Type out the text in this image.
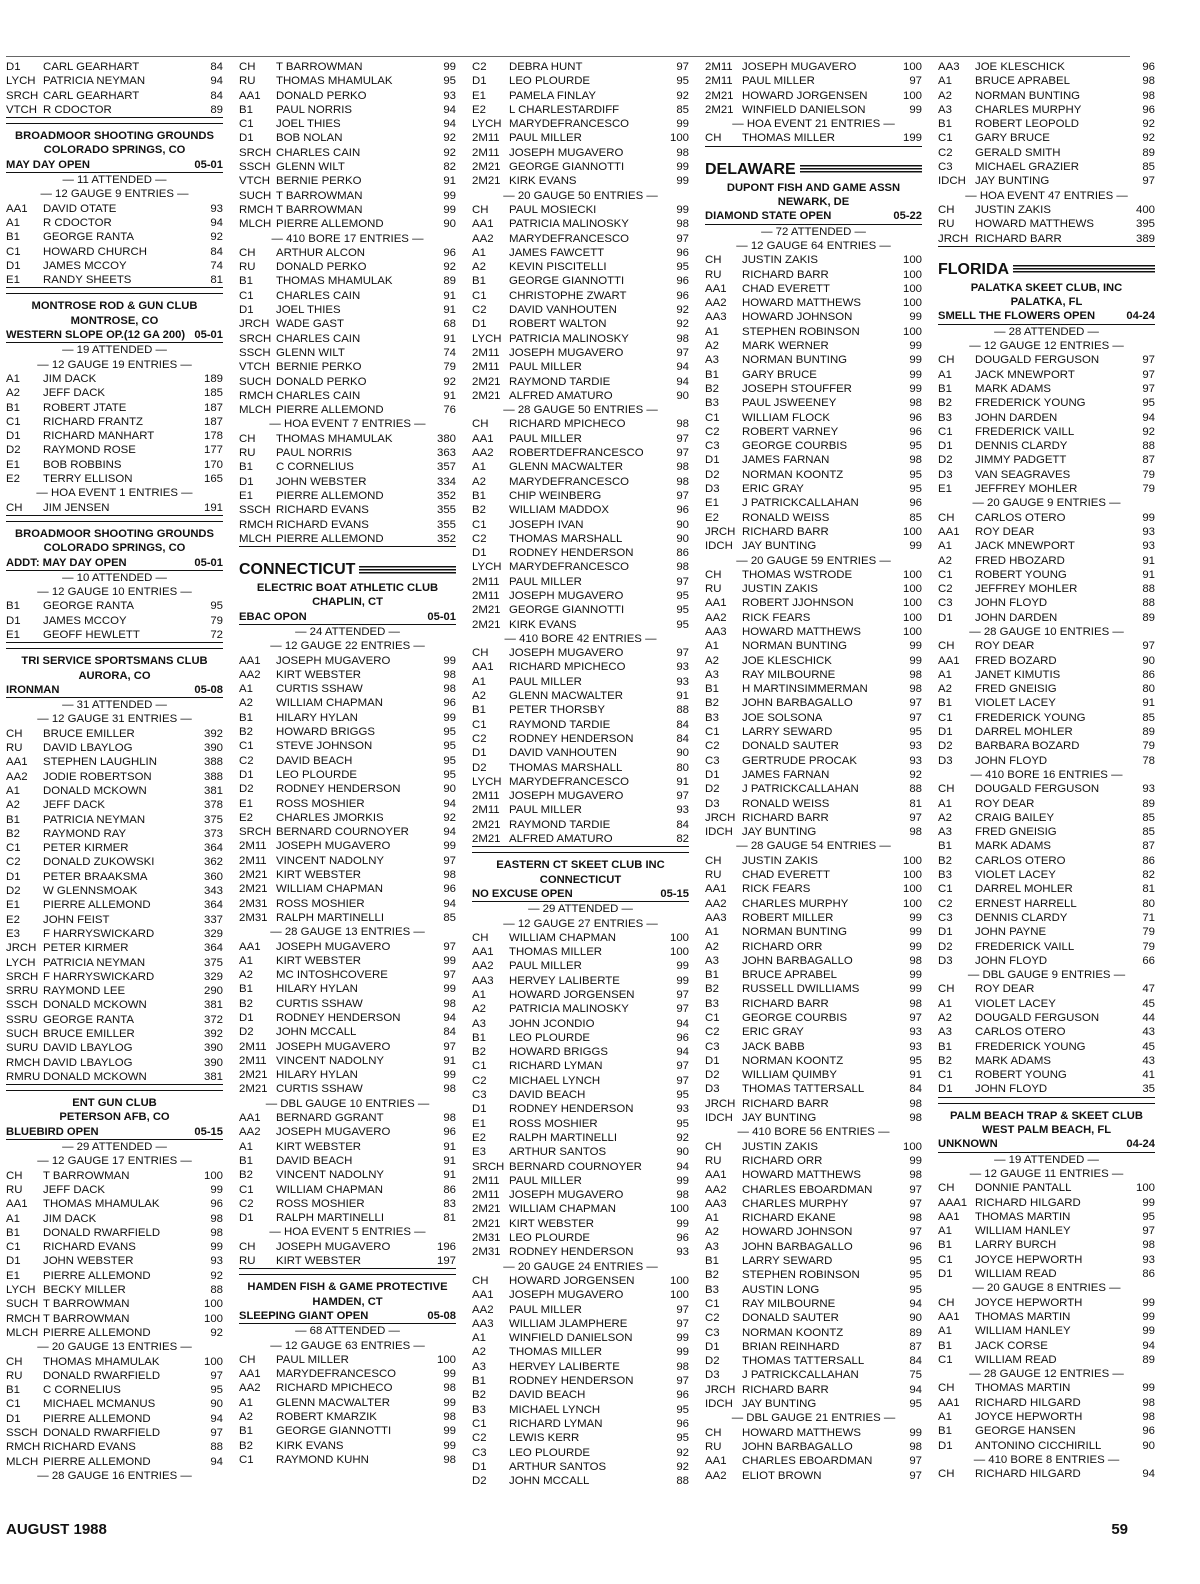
D1	CARL GEARHART	84
LYCH PATRICIA NEYMAN	94
SRCH CARL GEARHART	84
VTCH R CDOCTOR	89
BROADMOOR SHOOTING GROUNDS
COLORADO SPRINGS, CO
MAY DAY OPEN	05-01
— 11 ATTENDED —
— 12 GAUGE 9 ENTRIES —
AA1	DAVID OTATE	93
A1	R CDOCTOR	94
B1	GEORGE RANTA	92
C1	HOWARD CHURCH	84
D1	JAMES MCCOY	74
E1	RANDY SHEETS	81
MONTROSE ROD & GUN CLUB
MONTROSE, CO
WESTERN SLOPE OP.(12 GA 200) 05-01
— 19 ATTENDED —
— 12 GAUGE 19 ENTRIES —
A1	JIM DACK	189
A2	JEFF DACK	185
B1	ROBERT JTATE	187
C1	RICHARD FRANTZ	187
D1	RICHARD MANHART	178
D2	RAYMOND ROSE	177
E1	BOB ROBBINS	170
E2	TERRY ELLISON	165
— HOA EVENT 1 ENTRIES —
CH	JIM JENSEN	191
BROADMOOR SHOOTING GROUNDS
COLORADO SPRINGS, CO
ADDT: MAY DAY OPEN	05-01
— 10 ATTENDED —
— 12 GAUGE 10 ENTRIES —
B1	GEORGE RANTA	95
D1	JAMES MCCOY	79
E1	GEOFF HEWLETT	72
TRI SERVICE SPORTSMANS CLUB
AURORA, CO
IRONMAN	05-08
— 31 ATTENDED —
— 12 GAUGE 31 ENTRIES —
CH	BRUCE EMILLER	392
RU	DAVID LBAYLOG	390
AA1	STEPHEN LAUGHLIN	388
AA2	JODIE ROBERTSON	388
A1	DONALD MCKOWN	381
A2	JEFF DACK	378
B1	PATRICIA NEYMAN	375
B2	RAYMOND RAY	373
C1	PETER KIRMER	364
C2	DONALD ZUKOWSKI	362
D1	PETER BRAAKSMA	360
D2	W GLENNSMOAK	343
E1	PIERRE ALLEMOND	364
E2	JOHN FEIST	337
E3	F HARRYSWICKARD	329
JRCH PETER KIRMER	364
LYCH PATRICIA NEYMAN	375
SRCH F HARRYSWICKARD	329
SRRU RAYMOND LEE	290
SSCH DONALD MCKOWN	381
SSRU GEORGE RANTA	372
SUCH BRUCE EMILLER	392
SURU DAVID LBAYLOG	390
RMCH DAVID LBAYLOG	390
RMRU DONALD MCKOWN	381
ENT GUN CLUB
PETERSON AFB, CO
BLUEBIRD OPEN	05-15
— 29 ATTENDED —
— 12 GAUGE 17 ENTRIES —
CH	T BARROWMAN	100
RU	JEFF DACK	99
AA1	THOMAS MHAMULAK	96
A1	JIM DACK	98
B1	DONALD RWARFIELD	98
C1	RICHARD EVANS	99
D1	JOHN WEBSTER	93
E1	PIERRE ALLEMOND	92
LYCH BECKY MILLER	88
SUCH T BARROWMAN	100
RMCH T BARROWMAN	100
MLCH PIERRE ALLEMOND	92
— 20 GAUGE 13 ENTRIES —
CH	THOMAS MHAMULAK	100
RU	DONALD RWARFIELD	97
B1	C CORNELIUS	95
C1	MICHAEL MCMANUS	90
D1	PIERRE ALLEMOND	94
SSCH DONALD RWARFIELD	97
RMCH RICHARD EVANS	88
MLCH PIERRE ALLEMOND	94
— 28 GAUGE 16 ENTRIES —
CH	T BARROWMAN	99
RU	THOMAS MHAMULAK	95
AA1	DONALD PERKO	93
B1	PAUL NORRIS	94
C1	JOEL THIES	94
D1	BOB NOLAN	92
SRCH CHARLES CAIN	92
SSCH GLENN WILT	82
VTCH BERNIE PERKO	91
SUCH T BARROWMAN	99
RMCH T BARROWMAN	99
MLCH PIERRE ALLEMOND	90
— 410 BORE 17 ENTRIES —
CH	ARTHUR ALCON	96
RU	DONALD PERKO	92
B1	THOMAS MHAMULAK	89
C1	CHARLES CAIN	91
D1	JOEL THIES	91
JRCH WADE GAST	68
SRCH CHARLES CAIN	91
SSCH GLENN WILT	74
VTCH BERNIE PERKO	79
SUCH DONALD PERKO	92
RMCH CHARLES CAIN	91
MLCH PIERRE ALLEMOND	76
— HOA EVENT 7 ENTRIES —
CH	THOMAS MHAMULAK	380
RU	PAUL NORRIS	363
B1	C CORNELIUS	357
D1	JOHN WEBSTER	334
E1	PIERRE ALLEMOND	352
SSCH RICHARD EVANS	355
RMCH RICHARD EVANS	355
MLCH PIERRE ALLEMOND	352
CONNECTICUT
ELECTRIC BOAT ATHLETIC CLUB
CHAPLIN, CT
EBAC OPON	05-01
— 24 ATTENDED —
— 12 GAUGE 22 ENTRIES —
AA1	JOSEPH MUGAVERO	99
AA2	KIRT WEBSTER	98
A1	CURTIS SSHAW	98
A2	WILLIAM CHAPMAN	96
B1	HILARY HYLAN	99
B2	HOWARD BRIGGS	95
C1	STEVE JOHNSON	95
C2	DAVID BEACH	95
D1	LEO PLOURDE	95
D2	RODNEY HENDERSON	90
E1	ROSS MOSHIER	94
E2	CHARLES JMORKIS	92
SRCH BERNARD COURNOYER	94
2M11 JOSEPH MUGAVERO	99
2M11 VINCENT NADOLNY	97
2M21 KIRT WEBSTER	98
2M21 WILLIAM CHAPMAN	96
2M31 ROSS MOSHIER	94
2M31 RALPH MARTINELLI	85
— 28 GAUGE 13 ENTRIES —
AA1	JOSEPH MUGAVERO	97
A1	KIRT WEBSTER	99
A2	MC INTOSHCOVERE	97
B1	HILARY HYLAN	99
B2	CURTIS SSHAW	98
D1	RODNEY HENDERSON	94
D2	JOHN MCCALL	84
2M11 JOSEPH MUGAVERO	97
2M11 VINCENT NADOLNY	91
2M21 HILARY HYLAN	99
2M21 CURTIS SSHAW	98
— DBL GAUGE 10 ENTRIES —
AA1	BERNARD GGRANT	98
AA2	JOSEPH MUGAVERO	96
A1	KIRT WEBSTER	91
B1	DAVID BEACH	91
B2	VINCENT NADOLNY	91
C1	WILLIAM CHAPMAN	86
C2	ROSS MOSHIER	83
D1	RALPH MARTINELLI	81
— HOA EVENT 5 ENTRIES —
CH	JOSEPH MUGAVERO	196
RU	KIRT WEBSTER	197
HAMDEN FISH & GAME PROTECTIVE
HAMDEN, CT
SLEEPING GIANT OPEN	05-08
— 68 ATTENDED —
— 12 GAUGE 63 ENTRIES —
CH	PAUL MILLER	100
AA1	MARYDEFRANCESCO	99
AA2	RICHARD MPICHECO	98
A1	GLENN MACWALTER	99
A2	ROBERT KMARZIK	98
B1	GEORGE GIANNOTTI	99
B2	KIRK EVANS	99
C1	RAYMOND KUHN	98
C2	DEBRA HUNT	97
D1	LEO PLOURDE	95
E1	PAMELA FINLAY	92
E2	L CHARLESTARDIFF	85
LYCH MARYDEFRANCESCO	99
2M11 PAUL MILLER	100
2M11 JOSEPH MUGAVERO	98
2M21 GEORGE GIANNOTTI	99
2M21 KIRK EVANS	99
— 20 GAUGE 50 ENTRIES —
CH	PAUL MOSIECKI	99
AA1	PATRICIA MALINOSKY	98
AA2	MARYDEFRANCESCO	97
A1	JAMES FAWCETT	96
A2	KEVIN PISCITELLI	95
B1	GEORGE GIANNOTTI	96
C1	CHRISTOPHE ZWART	96
C2	DAVID VANHOUTEN	92
D1	ROBERT WALTON	92
LYCH PATRICIA MALINOSKY	98
2M11 JOSEPH MUGAVERO	97
2M11 PAUL MILLER	94
2M21 RAYMOND TARDIE	94
2M21 ALFRED AMATURO	90
— 28 GAUGE 50 ENTRIES —
CH	RICHARD MPICHECO	98
AA1	PAUL MILLER	97
AA2	ROBERTDEFRANCESCO	97
A1	GLENN MACWALTER	98
A2	MARYDEFRANCESCO	98
B1	CHIP WEINBERG	97
B2	WILLIAM MADDOX	96
C1	JOSEPH IVAN	90
C2	THOMAS MARSHALL	90
D1	RODNEY HENDERSON	86
LYCH MARYDEFRANCESCO	98
2M11 PAUL MILLER	97
2M11 JOSEPH MUGAVERO	95
2M21 GEORGE GIANNOTTI	95
2M21 KIRK EVANS	95
— 410 BORE 42 ENTRIES —
CH	JOSEPH MUGAVERO	97
AA1	RICHARD MPICHECO	93
A1	PAUL MILLER	93
A2	GLENN MACWALTER	91
B1	PETER THORSBY	88
C1	RAYMOND TARDIE	84
C2	RODNEY HENDERSON	84
D1	DAVID VANHOUTEN	90
D2	THOMAS MARSHALL	80
LYCH MARYDEFRANCESCO	91
2M11 JOSEPH MUGAVERO	97
2M11 PAUL MILLER	93
2M21 RAYMOND TARDIE	84
2M21 ALFRED AMATURO	82
EASTERN CT SKEET CLUB INC
CONNECTICUT
NO EXCUSE OPEN	05-15
— 29 ATTENDED —
— 12 GAUGE 27 ENTRIES —
CH	WILLIAM CHAPMAN	100
AA1	THOMAS MILLER	100
AA2	PAUL MILLER	99
AA3	HERVEY LALIBERTE	99
A1	HOWARD JORGENSEN	97
A2	PATRICIA MALINOSKY	97
A3	JOHN JCONDIO	94
B1	LEO PLOURDE	96
B2	HOWARD BRIGGS	94
C1	RICHARD LYMAN	97
C2	MICHAEL LYNCH	97
C3	DAVID BEACH	95
D1	RODNEY HENDERSON	93
E1	ROSS MOSHIER	95
E2	RALPH MARTINELLI	92
E3	ARTHUR SANTOS	90
SRCH BERNARD COURNOYER	94
2M11 PAUL MILLER	99
2M11 JOSEPH MUGAVERO	98
2M21 WILLIAM CHAPMAN	100
2M21 KIRT WEBSTER	99
2M31 LEO PLOURDE	96
2M31 RODNEY HENDERSON	93
— 20 GAUGE 24 ENTRIES —
CH	HOWARD JORGENSEN	100
AA1	JOSEPH MUGAVERO	100
AA2	PAUL MILLER	97
AA3	WILLIAM JLAMPHERE	97
A1	WINFIELD DANIELSON	99
A2	THOMAS MILLER	99
A3	HERVEY LALIBERTE	98
B1	RODNEY HENDERSON	97
B2	DAVID BEACH	96
B3	MICHAEL LYNCH	95
C1	RICHARD LYMAN	96
C2	LEWIS KERR	95
C3	LEO PLOURDE	92
D1	ARTHUR SANTOS	92
D2	JOHN MCCALL	88
2M11 JOSEPH MUGAVERO	100
2M11 PAUL MILLER	97
2M21 HOWARD JORGENSEN	100
2M21 WINFIELD DANIELSON	99
— HOA EVENT 21 ENTRIES —
CH	THOMAS MILLER	199
DELAWARE
DUPONT FISH AND GAME ASSN
NEWARK, DE
DIAMOND STATE OPEN	05-22
— 72 ATTENDED —
— 12 GAUGE 64 ENTRIES —
CH	JUSTIN ZAKIS	100
RU	RICHARD BARR	100
AA1	CHAD EVERETT	100
AA2	HOWARD MATTHEWS	100
AA3	HOWARD JOHNSON	99
A1	STEPHEN ROBINSON	100
A2	MARK WERNER	99
A3	NORMAN BUNTING	99
B1	GARY BRUCE	99
B2	JOSEPH STOUFFER	99
B3	PAUL JSWEENEY	98
C1	WILLIAM FLOCK	96
C2	ROBERT VARNEY	96
C3	GEORGE COURBIS	95
D1	JAMES FARNAN	98
D2	NORMAN KOONTZ	95
D3	ERIC GRAY	95
E1	J PATRICKCALLAHAN	96
E2	RONALD WEISS	85
JRCH RICHARD BARR	100
IDCH JAY BUNTING	99
— 20 GAUGE 59 ENTRIES —
CH	THOMAS WSTRODE	100
RU	JUSTIN ZAKIS	100
AA1	ROBERT JJOHNSON	100
AA2	RICK FEARS	100
AA3	HOWARD MATTHEWS	100
A1	NORMAN BUNTING	99
A2	JOE KLESCHICK	99
A3	RAY MILBOURNE	98
B1	H MARTINSIMMERMAN	98
B2	JOHN BARBAGALLO	97
B3	JOE SOLSONA	97
C1	LARRY SEWARD	95
C2	DONALD SAUTER	93
C3	GERTRUDE PROCAK	93
D1	JAMES FARNAN	92
D2	J PATRICKCALLAHAN	88
D3	RONALD WEISS	81
JRCH RICHARD BARR	97
IDCH JAY BUNTING	98
— 28 GAUGE 54 ENTRIES —
CH	JUSTIN ZAKIS	100
RU	CHAD EVERETT	100
AA1	RICK FEARS	100
AA2	CHARLES MURPHY	100
AA3	ROBERT MILLER	99
A1	NORMAN BUNTING	99
A2	RICHARD ORR	99
A3	JOHN BARBAGALLO	98
B1	BRUCE APRABEL	99
B2	RUSSELL DWILLIAMS	99
B3	RICHARD BARR	98
C1	GEORGE COURBIS	97
C2	ERIC GRAY	93
C3	JACK BABB	93
D1	NORMAN KOONTZ	95
D2	WILLIAM QUIMBY	91
D3	THOMAS TATTERSALL	84
JRCH RICHARD BARR	98
IDCH JAY BUNTING	98
— 410 BORE 56 ENTRIES —
CH	JUSTIN ZAKIS	100
RU	RICHARD ORR	99
AA1	HOWARD MATTHEWS	98
AA2	CHARLES EBOARDMAN	97
AA3	CHARLES MURPHY	97
A1	RICHARD EKANE	98
A2	HOWARD JOHNSON	97
A3	JOHN BARBAGALLO	96
B1	LARRY SEWARD	95
B2	STEPHEN ROBINSON	95
B3	AUSTIN LONG	95
C1	RAY MILBOURNE	94
C2	DONALD SAUTER	90
C3	NORMAN KOONTZ	89
D1	BRIAN REINHARD	87
D2	THOMAS TATTERSALL	84
D3	J PATRICKCALLAHAN	75
JRCH RICHARD BARR	94
IDCH JAY BUNTING	95
— DBL GAUGE 21 ENTRIES —
CH	HOWARD MATTHEWS	99
RU	JOHN BARBAGALLO	98
AA1	CHARLES EBOARDMAN	97
AA2	ELIOT BROWN	97
AA3	JOE KLESCHICK	96
A1	BRUCE APRABEL	98
A2	NORMAN BUNTING	98
A3	CHARLES MURPHY	96
B1	ROBERT LEOPOLD	92
C1	GARY BRUCE	92
C2	GERALD SMITH	89
C3	MICHAEL GRAZIER	85
IDCH JAY BUNTING	97
— HOA EVENT 47 ENTRIES —
CH	JUSTIN ZAKIS	400
RU	HOWARD MATTHEWS	395
JRCH RICHARD BARR	389
FLORIDA
PALATKA SKEET CLUB, INC
PALATKA, FL
SMELL THE FLOWERS OPEN	04-24
— 28 ATTENDED —
— 12 GAUGE 12 ENTRIES —
CH	DOUGALD FERGUSON	97
A1	JACK MNEWPORT	97
B1	MARK ADAMS	97
B2	FREDERICK YOUNG	95
B3	JOHN DARDEN	94
C1	FREDERICK VAILL	92
D1	DENNIS CLARDY	88
D2	JIMMY PADGETT	87
D3	VAN SEAGRAVES	79
E1	JEFFREY MOHLER	79
— 20 GAUGE 9 ENTRIES —
CH	CARLOS OTERO	99
AA1	ROY DEAR	93
A1	JACK MNEWPORT	93
A2	FRED HBOZARD	91
C1	ROBERT YOUNG	91
C2	JEFFREY MOHLER	88
C3	JOHN FLOYD	88
D1	JOHN DARDEN	89
— 28 GAUGE 10 ENTRIES —
CH	ROY DEAR	97
AA1	FRED BOZARD	90
A1	JANET KIMUTIS	86
A2	FRED GNEISIG	80
B1	VIOLET LACEY	91
C1	FREDERICK YOUNG	85
D1	DARREL MOHLER	89
D2	BARBARA BOZARD	79
D3	JOHN FLOYD	78
— 410 BORE 16 ENTRIES —
CH	DOUGALD FERGUSON	93
A1	ROY DEAR	89
A2	CRAIG BAILEY	85
A3	FRED GNEISIG	85
B1	MARK ADAMS	87
B2	CARLOS OTERO	86
B3	VIOLET LACEY	82
C1	DARREL MOHLER	81
C2	ERNEST HARRELL	80
C3	DENNIS CLARDY	71
D1	JOHN PAYNE	79
D2	FREDERICK VAILL	79
D3	JOHN FLOYD	66
— DBL GAUGE 9 ENTRIES —
CH	ROY DEAR	47
A1	VIOLET LACEY	45
A2	DOUGALD FERGUSON	44
A3	CARLOS OTERO	43
B1	FREDERICK YOUNG	45
B2	MARK ADAMS	43
C1	ROBERT YOUNG	41
D1	JOHN FLOYD	35
PALM BEACH TRAP & SKEET CLUB
WEST PALM BEACH, FL
UNKNOWN	04-24
— 19 ATTENDED —
— 12 GAUGE 11 ENTRIES —
CH	DONNIE PANTALL	100
AAA1 RICHARD HILGARD	99
AA1	THOMAS MARTIN	95
A1	WILLIAM HANLEY	97
B1	LARRY BURCH	98
C1	JOYCE HEPWORTH	93
D1	WILLIAM READ	86
— 20 GAUGE 8 ENTRIES —
CH	JOYCE HEPWORTH	99
AA1	THOMAS MARTIN	99
A1	WILLIAM HANLEY	99
B1	JACK CORSE	94
C1	WILLIAM READ	89
— 28 GAUGE 12 ENTRIES —
CH	THOMAS MARTIN	99
AA1	RICHARD HILGARD	98
A1	JOYCE HEPWORTH	98
B1	GEORGE HANSEN	96
D1	ANTONINO CICCHIRILL	90
— 410 BORE 8 ENTRIES —
CH	RICHARD HILGARD	94
AUGUST 1988	59
